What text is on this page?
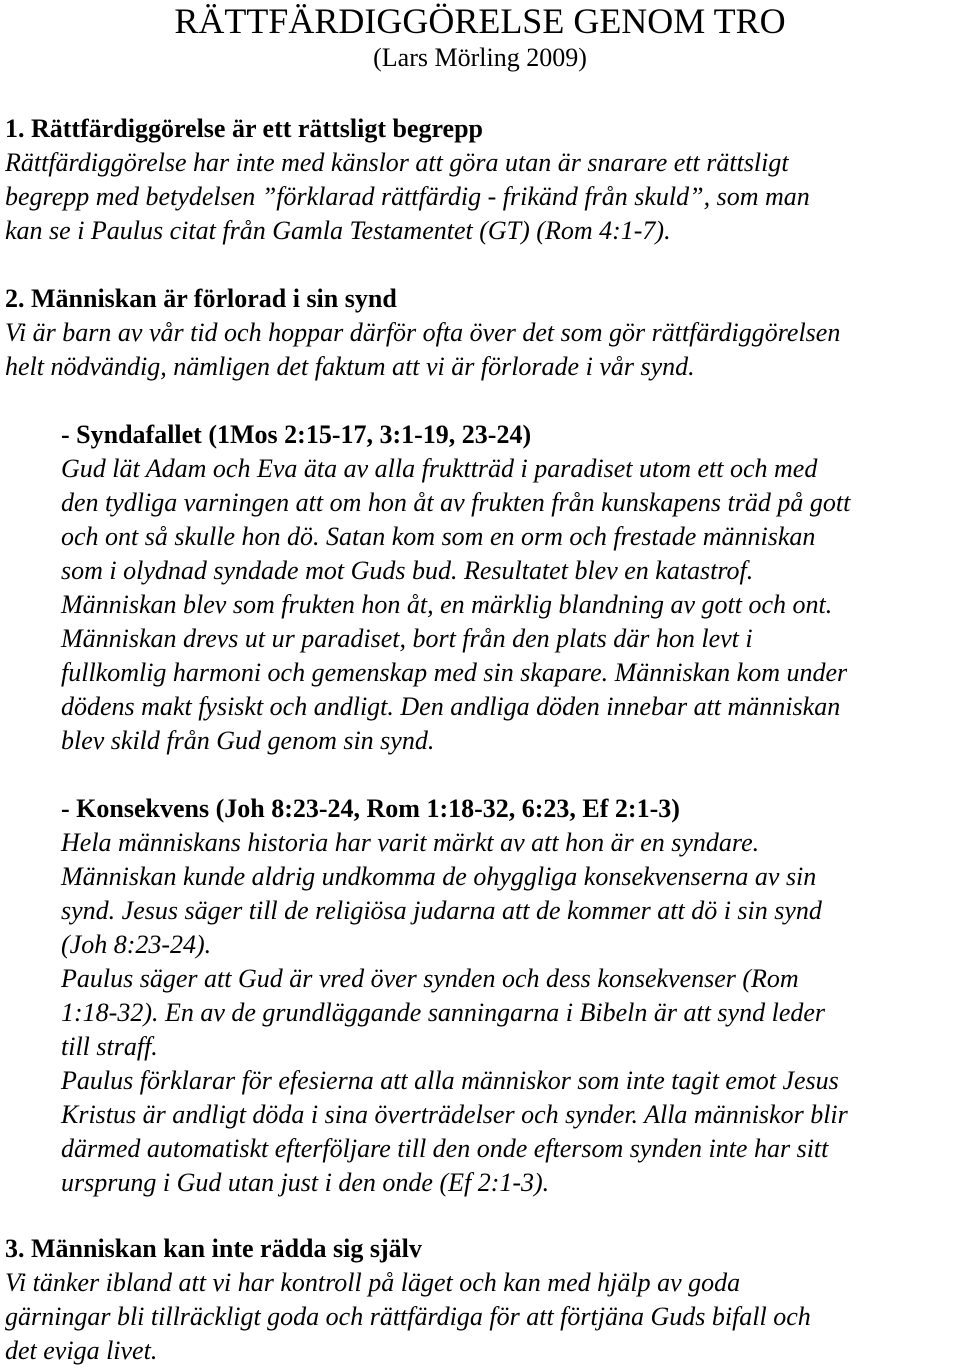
RÄTTFÄRDIGGÖRELSE GENOM TRO
(Lars Mörling 2009)
1. Rättfärdiggörelse är ett rättsligt begrepp
Rättfärdiggörelse har inte med känslor att göra utan är snarare ett rättsligt
begrepp med betydelsen ”förklarad rättfärdig - frikänd från skuld”, som man
kan se i Paulus citat från Gamla Testamentet (GT) (Rom 4:1-7).
2. Människan är förlorad i sin synd
Vi är barn av vår tid och hoppar därför ofta över det som gör rättfärdiggörelsen
helt nödvändig, nämligen det faktum att vi är förlorade i vår synd.
- Syndafallet (1Mos 2:15-17, 3:1-19, 23-24)
Gud lät Adam och Eva äta av alla fruktträd i paradiset utom ett och med
den tydliga varningen att om hon åt av frukten från kunskapens träd på gott
och ont så skulle hon dö. Satan kom som en orm och frestade människan
som i olydnad syndade mot Guds bud. Resultatet blev en katastrof.
Människan blev som frukten hon åt, en märklig blandning av gott och ont.
Människan drevs ut ur paradiset, bort från den plats där hon levt i
fullkomlig harmoni och gemenskap med sin skapare. Människan kom under
dödens makt fysiskt och andligt. Den andliga döden innebar att människan
blev skild från Gud genom sin synd.
- Konsekvens (Joh 8:23-24, Rom 1:18-32, 6:23, Ef 2:1-3)
Hela människans historia har varit märkt av att hon är en syndare.
Människan kunde aldrig undkomma de ohyggliga konsekvenserna av sin
synd. Jesus säger till de religiösa judarna att de kommer att dö i sin synd
(Joh 8:23-24).
Paulus säger att Gud är vred över synden och dess konsekvenser (Rom
1:18-32). En av de grundläggande sanningarna i Bibeln är att synd leder
till straff.
Paulus förklarar för efesierna att alla människor som inte tagit emot Jesus
Kristus är andligt döda i sina överträdelser och synder. Alla människor blir
därmed automatiskt efterföljare till den onde eftersom synden inte har sitt
ursprung i Gud utan just i den onde (Ef 2:1-3).
3. Människan kan inte rädda sig själv
Vi tänker ibland att vi har kontroll på läget och kan med hjälp av goda
gärningar bli tillräckligt goda och rättfärdiga för att förtjäna Guds bifall och
det eviga livet.
